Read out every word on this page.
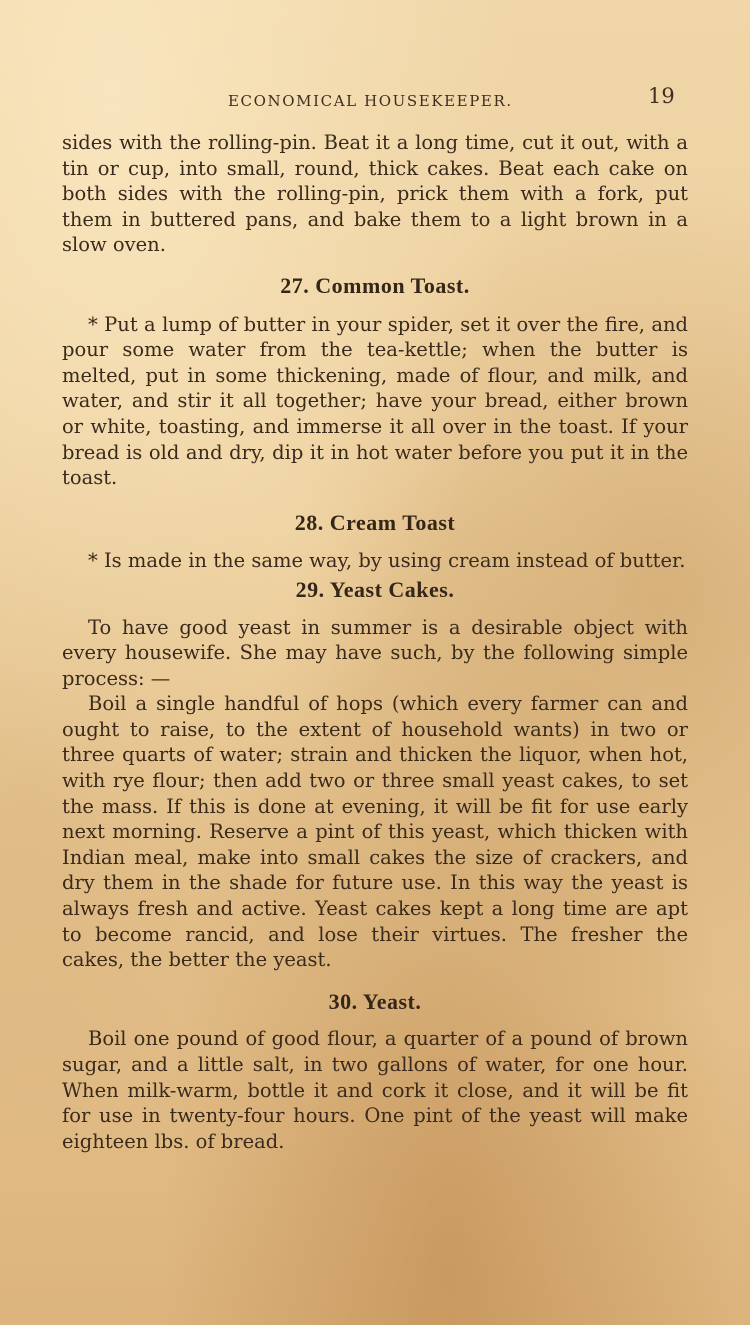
ECONOMICAL HOUSEKEEPER.	19

sides with the rolling-pin. Beat it a long time, cut it out, with a tin or cup, into small, round, thick cakes. Beat each cake on both sides with the rolling-pin, prick them with a fork, put them in buttered pans, and bake them to a light brown in a slow oven.

27. Common Toast.

* Put a lump of butter in your spider, set it over the fire, and pour some water from the tea-kettle; when the butter is melted, put in some thickening, made of flour, and milk, and water, and stir it all together; have your bread, either brown or white, toasting, and immerse it all over in the toast. If your bread is old and dry, dip it in hot water before you put it in the toast.

28. Cream Toast

* Is made in the same way, by using cream instead of butter.

29. Yeast Cakes.

To have good yeast in summer is a desirable object with every housewife. She may have such, by the following simple process: —

Boil a single handful of hops (which every farmer can and ought to raise, to the extent of household wants) in two or three quarts of water; strain and thicken the liquor, when hot, with rye flour; then add two or three small yeast cakes, to set the mass. If this is done at evening, it will be fit for use early next morning. Reserve a pint of this yeast, which thicken with Indian meal, make into small cakes the size of crackers, and dry them in the shade for future use. In this way the yeast is always fresh and active. Yeast cakes kept a long time are apt to become rancid, and lose their virtues. The fresher the cakes, the better the yeast.

30. Yeast.

Boil one pound of good flour, a quarter of a pound of brown sugar, and a little salt, in two gallons of water, for one hour. When milk-warm, bottle it and cork it close, and it will be fit for use in twenty-four hours. One pint of the yeast will make eighteen lbs. of bread.
